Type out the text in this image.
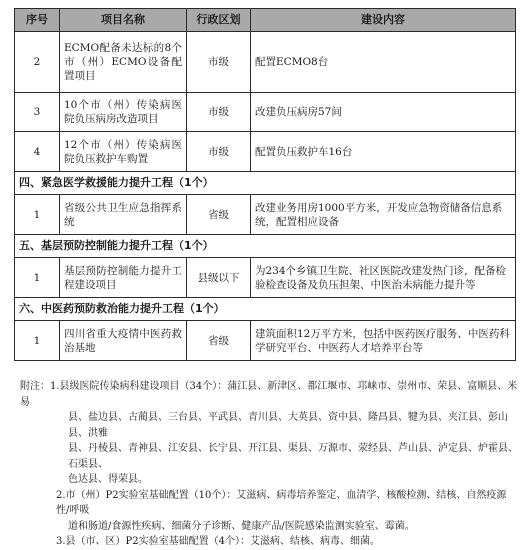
序号	项目名称	行政区划	建设内容
2	ECMO配备未达标的8个市（州）ECMO设备配置项目	市级	配置ECMO8台
3	10个市（州）传染病医院负压病房改造项目	市级	改建负压病房57间
4	12个市（州）传染病医院负压救护车购置	市级	配置负压救护车16台
四、紧急医学救援能力提升工程（1个）			
1	省级公共卫生应急指挥系统	省级	改建业务用房1000平方米，开发应急物资储备信息系统，配置相应设备
五、基层预防控制能力提升工程（1个）			
1	基层预防控制能力提升工程建设项目	县级以下	为234个乡镇卫生院、社区医院改建发热门诊，配备检验检查设备及负压担架、中医治未病能力提升等
六、中医药预防救治能力提升工程（1个）			
1	四川省重大疫情中医药救治基地	省级	建筑面积12万平方米，包括中医药医疗服务、中医药科学研究平台、中医药人才培养平台等

附注：1.县级医院传染病科建设项目（34个）：蒲江县、新津区、都江堰市、邛崃市、崇州市、荣县、富顺县、米易

县、盐边县、古蔺县、三台县、平武县、青川县、大英县、资中县、隆昌县、犍为县、夹江县、彭山县、洪雅

县、丹棱县、青神县、江安县、长宁县、开江县、渠县、万源市、荥经县、芦山县、泸定县、炉霍县、石渠县、

色达县、得荣县。

2.市（州）P2实验室基础配置（10个）：艾滋病、病毒培养鉴定、血清学、核酸检测、结核、自然疫源性/呼吸

道和肠道/食源性疾病、细菌分子诊断、健康产品/医院感染监测实验室、霉菌。

3.县（市、区）P2实验室基础配置（4个）：艾滋病、结核、病毒、细菌。
